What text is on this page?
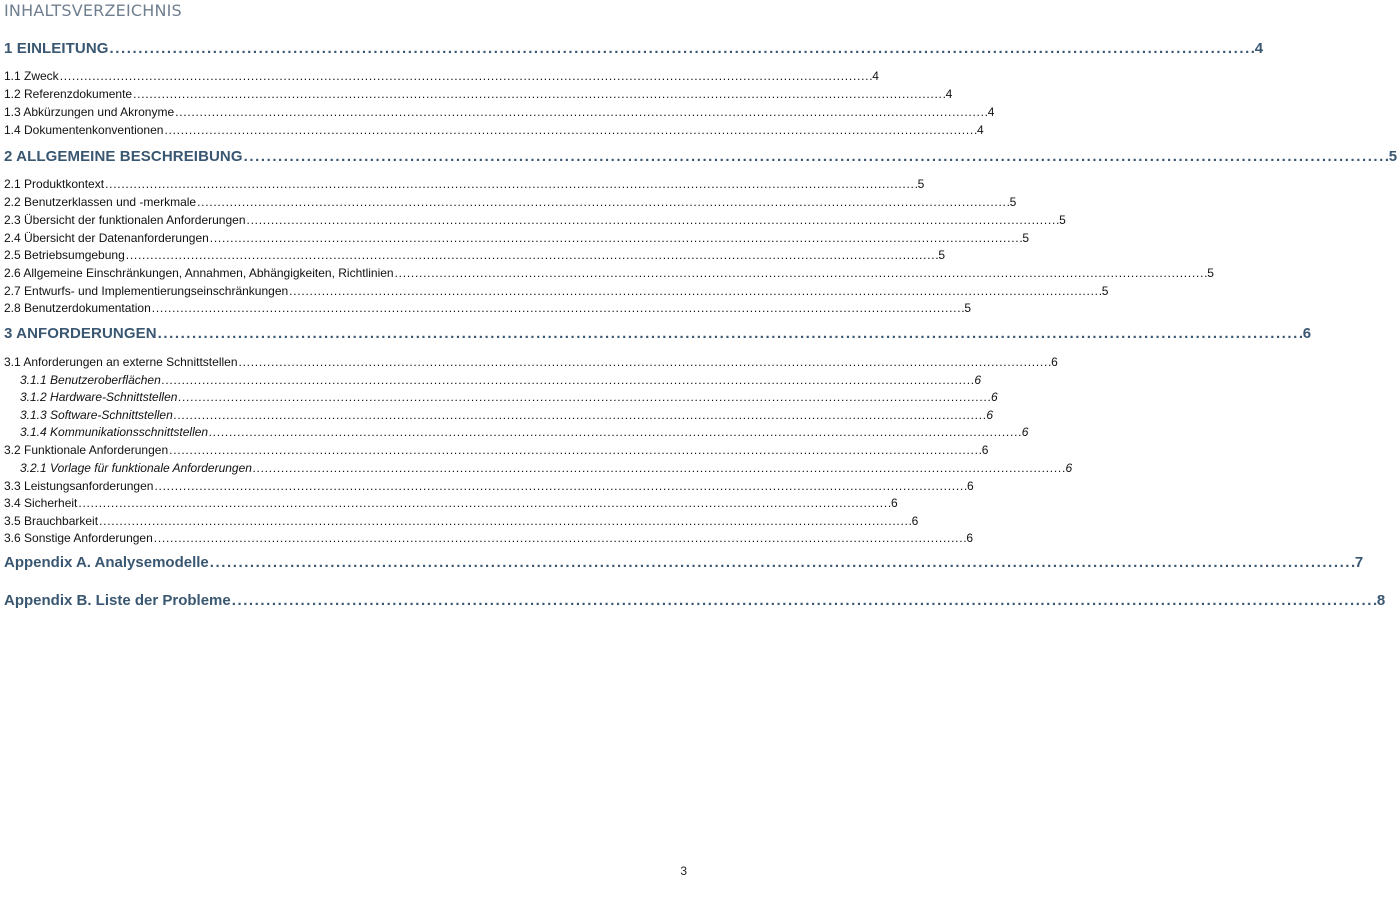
INHALTSVERZEICHNIS
1 EINLEITUNG . . .	4
1.1 Zweck . . .	4
1.2 Referenzdokumente . . .	4
1.3 Abkürzungen und Akronyme . . .	4
1.4 Dokumentenkonventionen . . .	4
2 ALLGEMEINE BESCHREIBUNG . . .	5
2.1 Produktkontext . . .	5
2.2 Benutzerklassen und -merkmale . . .	5
2.3 Übersicht der funktionalen Anforderungen . . .	5
2.4 Übersicht der Datenanforderungen . . .	5
2.5 Betriebsumgebung . . .	5
2.6 Allgemeine Einschränkungen, Annahmen, Abhängigkeiten, Richtlinien . . .	5
2.7 Entwurfs- und Implementierungseinschränkungen . . .	5
2.8 Benutzerdokumentation . . .	5
3 ANFORDERUNGEN . . .	6
3.1 Anforderungen an externe Schnittstellen . . .	6
3.1.1 Benutzeroberflächen . . .	6
3.1.2 Hardware-Schnittstellen . . .	6
3.1.3 Software-Schnittstellen . . .	6
3.1.4 Kommunikationsschnittstellen . . .	6
3.2 Funktionale Anforderungen . . .	6
3.2.1 Vorlage für funktionale Anforderungen . . .	6
3.3 Leistungsanforderungen . . .	6
3.4 Sicherheit . . .	6
3.5 Brauchbarkeit . . .	6
3.6 Sonstige Anforderungen . . .	6
Appendix A. Analysemodelle . . .	7
Appendix B. Liste der Probleme . . .	8
3
